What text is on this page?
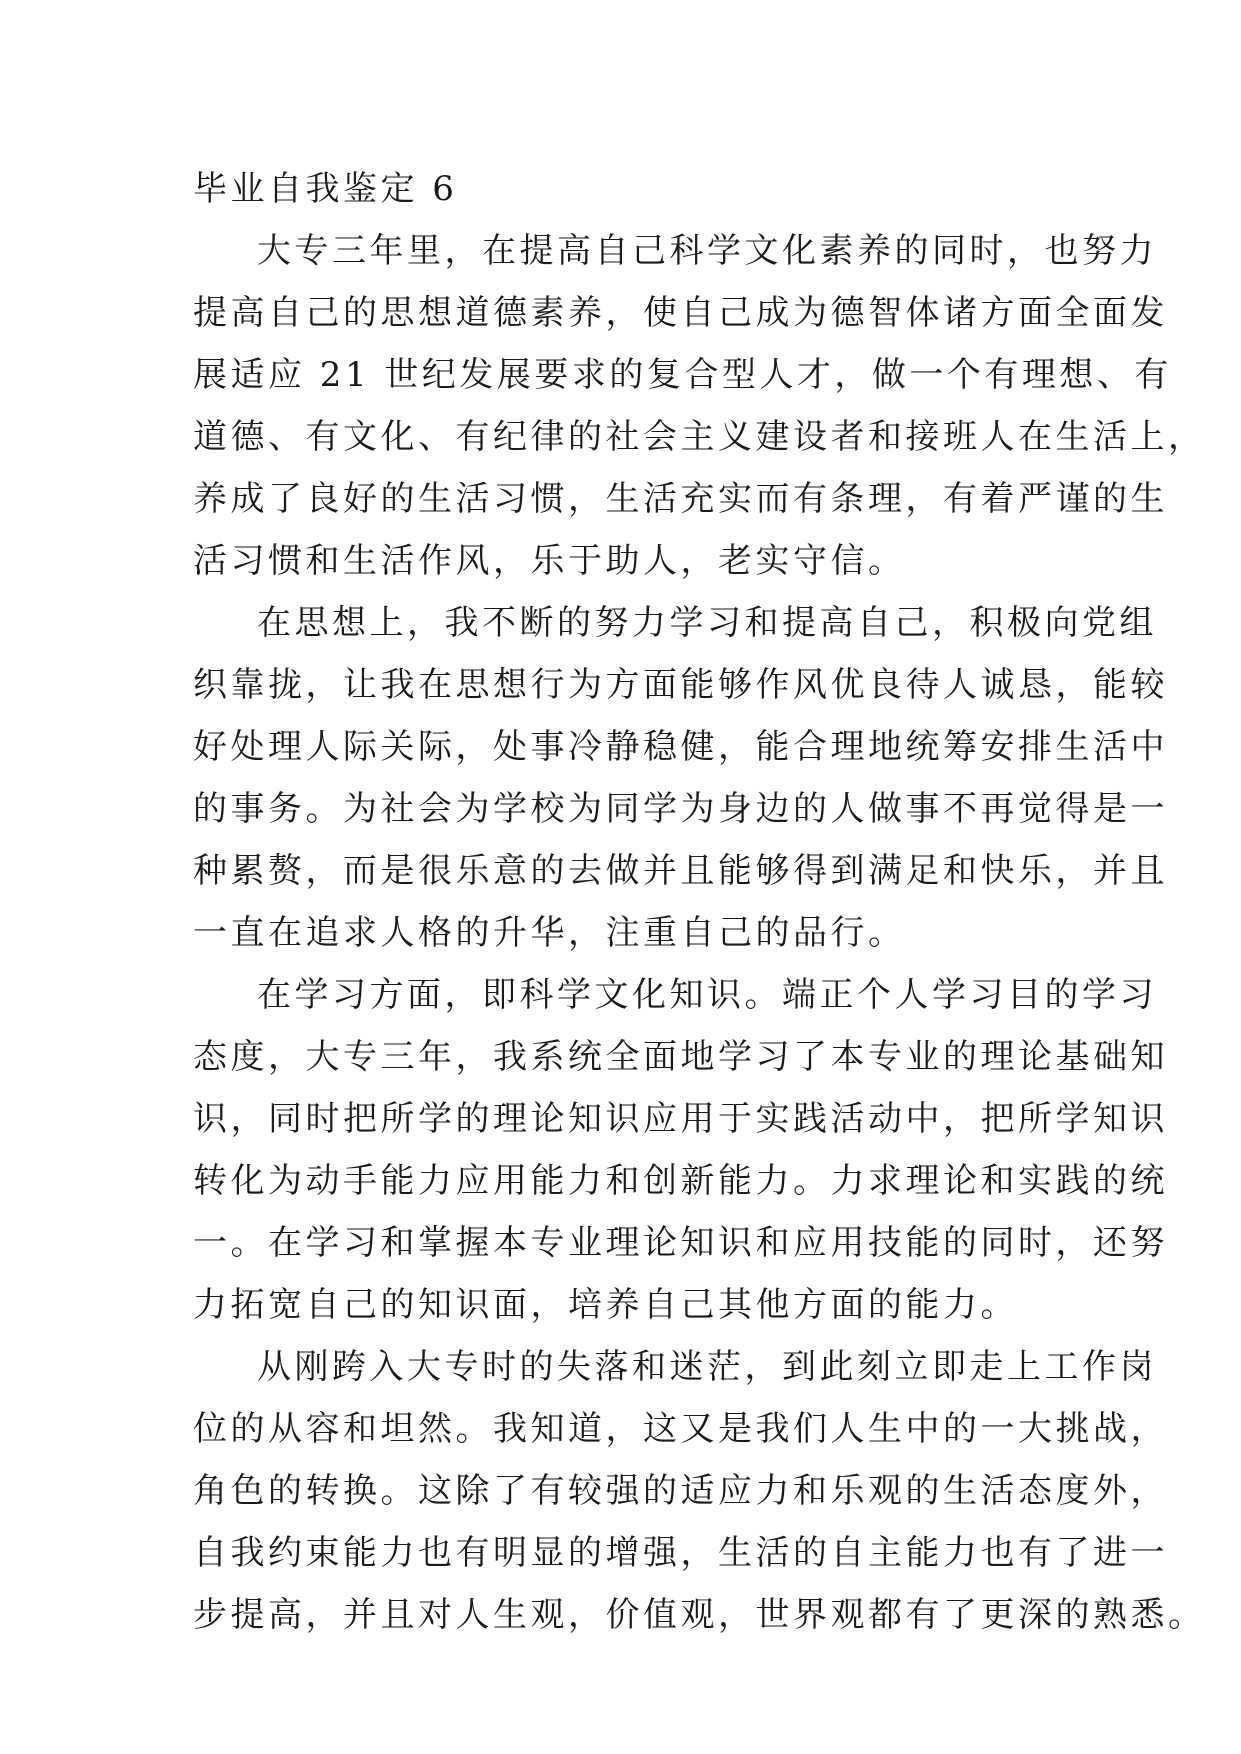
毕业自我鉴定 6
大专三年里，在提高自己科学文化素养的同时，也努力
提高自己的思想道德素养，使自己成为德智体诸方面全面发
展适应 21 世纪发展要求的复合型人才，做一个有理想、有
道德、有文化、有纪律的社会主义建设者和接班人在生活上，
养成了良好的生活习惯，生活充实而有条理，有着严谨的生
活习惯和生活作风，乐于助人，老实守信。
在思想上，我不断的努力学习和提高自己，积极向党组
织靠拢，让我在思想行为方面能够作风优良待人诚恳，能较
好处理人际关际，处事冷静稳健，能合理地统筹安排生活中
的事务。为社会为学校为同学为身边的人做事不再觉得是一
种累赘，而是很乐意的去做并且能够得到满足和快乐，并且
一直在追求人格的升华，注重自己的品行。
在学习方面，即科学文化知识。端正个人学习目的学习
态度，大专三年，我系统全面地学习了本专业的理论基础知
识，同时把所学的理论知识应用于实践活动中，把所学知识
转化为动手能力应用能力和创新能力。力求理论和实践的统
一。在学习和掌握本专业理论知识和应用技能的同时，还努
力拓宽自己的知识面，培养自己其他方面的能力。
从刚跨入大专时的失落和迷茫，到此刻立即走上工作岗
位的从容和坦然。我知道，这又是我们人生中的一大挑战，
角色的转换。这除了有较强的适应力和乐观的生活态度外，
自我约束能力也有明显的增强，生活的自主能力也有了进一
步提高，并且对人生观，价值观，世界观都有了更深的熟悉。
